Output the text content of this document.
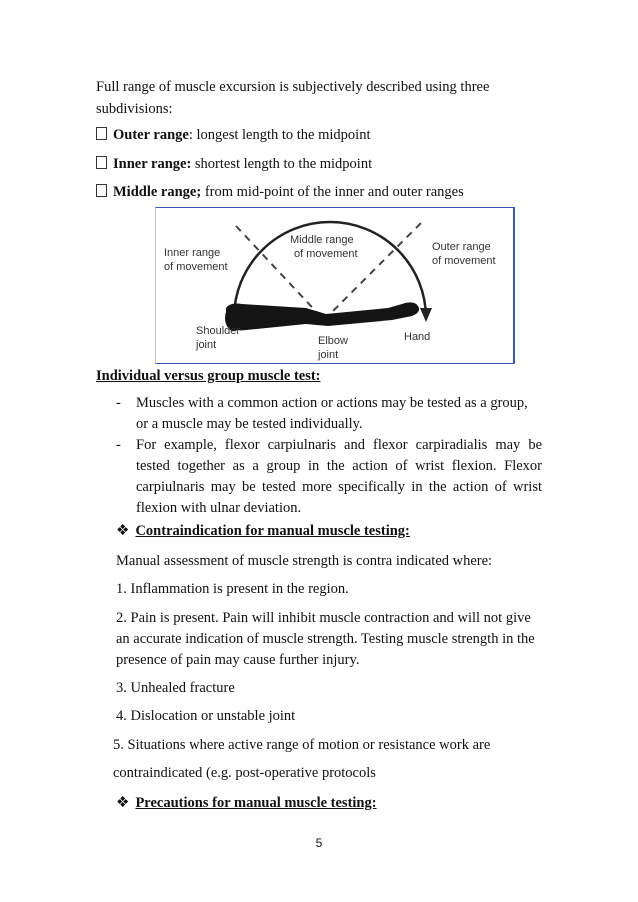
Full range of muscle excursion is subjectively described using three

subdivisions:

Outer range: longest length to the midpoint

Inner range: shortest length to the midpoint

Middle range; from mid-point of the inner and outer ranges

Inner range
of movement
Middle range
of movement
Outer range
of movement
Shoulder
joint	Elbow
joint
Hand

Individual versus group muscle test:

- Muscles with a common action or actions may be tested as a group,
or a muscle may be tested individually.
- For example, flexor carpiulnaris and flexor carpiradialis may be
tested together as a group in the action of wrist flexion. Flexor
carpiulnaris may be tested more specifically in the action of wrist
flexion with ulnar deviation.

❖ Contraindication for manual muscle testing:

Manual assessment of muscle strength is contra indicated where:

1. Inflammation is present in the region.

2. Pain is present. Pain will inhibit muscle contraction and will not give

an accurate indication of muscle strength. Testing muscle strength in the

presence of pain may cause further injury.

3. Unhealed fracture

4. Dislocation or unstable joint

5. Situations where active range of motion or resistance work are

contraindicated (e.g. post-operative protocols

❖ Precautions for manual muscle testing:

5
